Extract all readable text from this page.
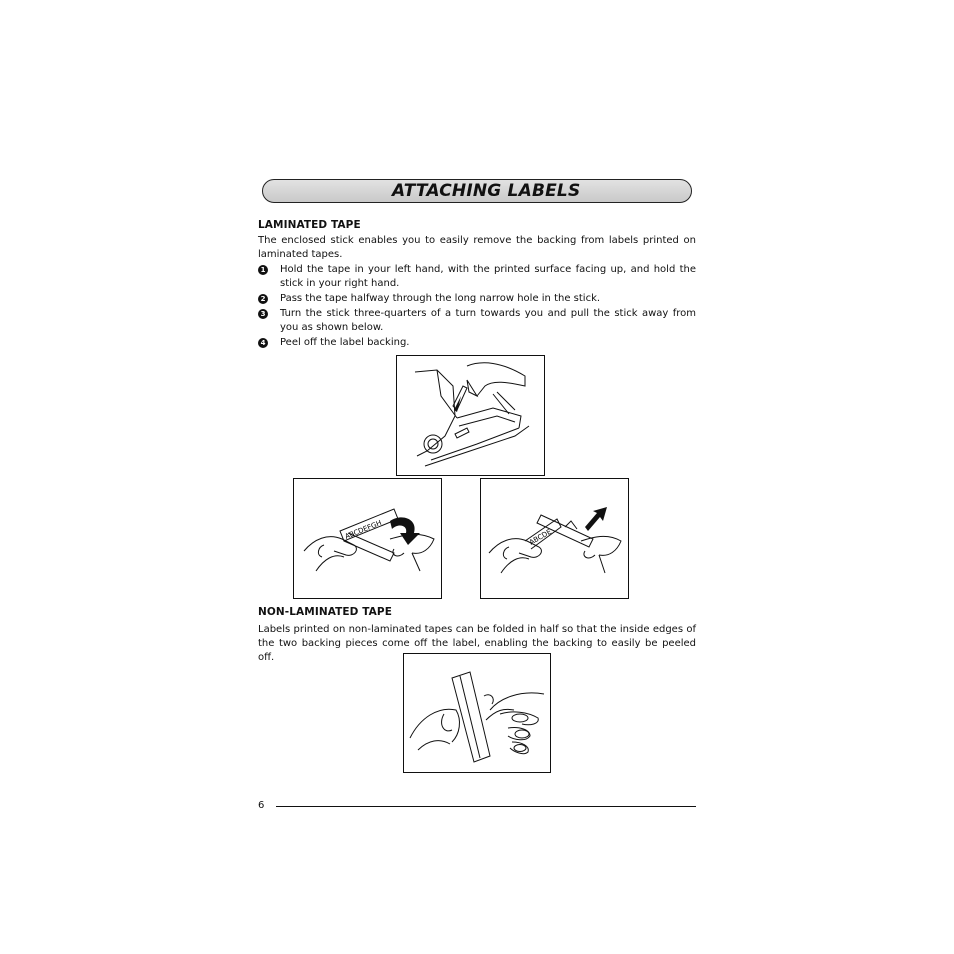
ATTACHING LABELS
LAMINATED TAPE
The enclosed stick enables you to easily remove the backing from labels printed on laminated tapes.
1 Hold the tape in your left hand, with the printed surface facing up, and hold the stick in your right hand.
2 Pass the tape halfway through the long narrow hole in the stick.
3 Turn the stick three-quarters of a turn towards you and pull the stick away from you as shown below.
4 Peel off the label backing.
ABCDEFGH	ABCDE
NON-LAMINATED TAPE
Labels printed on non-laminated tapes can be folded in half so that the inside edges of the two backing pieces come off the label, enabling the backing to easily be peeled off.
6
